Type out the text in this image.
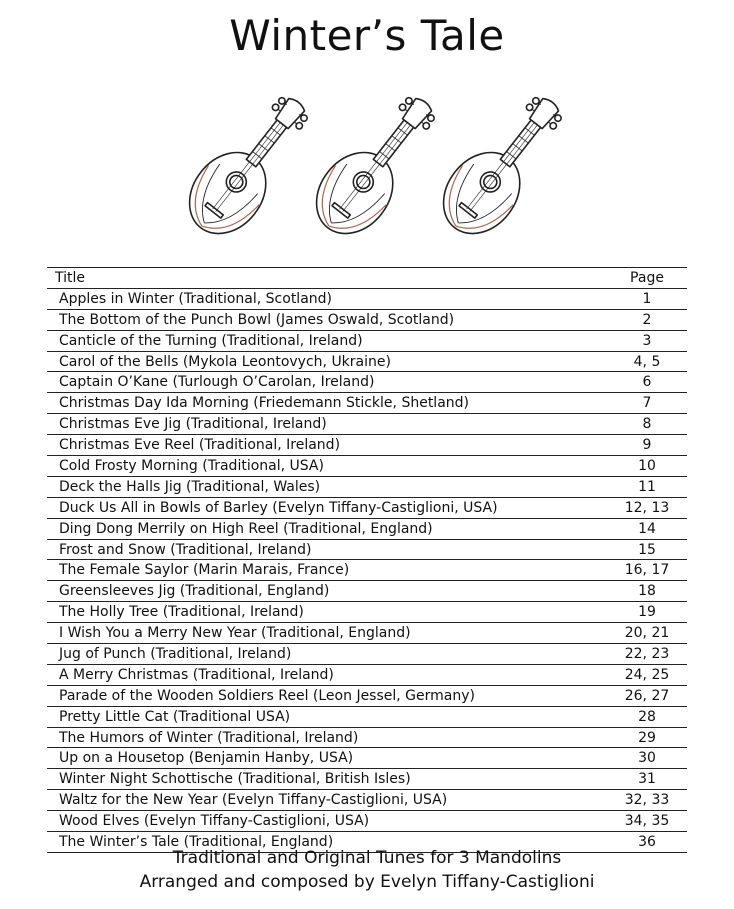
Winter’s Tale
Title	Page
Apples in Winter (Traditional, Scotland)	1
The Bottom of the Punch Bowl (James Oswald, Scotland)	2
Canticle of the Turning (Traditional, Ireland)	3
Carol of the Bells (Mykola Leontovych, Ukraine)	4, 5
Captain O’Kane (Turlough O’Carolan, Ireland)	6
Christmas Day Ida Morning (Friedemann Stickle, Shetland)	7
Christmas Eve Jig (Traditional, Ireland)	8
Christmas Eve Reel (Traditional, Ireland)	9
Cold Frosty Morning (Traditional, USA)	10
Deck the Halls Jig (Traditional, Wales)	11
Duck Us All in Bowls of Barley (Evelyn Tiffany-Castiglioni, USA)	12, 13
Ding Dong Merrily on High Reel (Traditional, England)	14
Frost and Snow (Traditional, Ireland)	15
The Female Saylor (Marin Marais, France)	16, 17
Greensleeves Jig (Traditional, England)	18
The Holly Tree (Traditional, Ireland)	19
I Wish You a Merry New Year (Traditional, England)	20, 21
Jug of Punch (Traditional, Ireland)	22, 23
A Merry Christmas (Traditional, Ireland)	24, 25
Parade of the Wooden Soldiers Reel (Leon Jessel, Germany)	26, 27
Pretty Little Cat (Traditional USA)	28
The Humors of Winter (Traditional, Ireland)	29
Up on a Housetop (Benjamin Hanby, USA)	30
Winter Night Schottische (Traditional, British Isles)	31
Waltz for the New Year (Evelyn Tiffany-Castiglioni, USA)	32, 33
Wood Elves (Evelyn Tiffany-Castiglioni, USA)	34, 35
The Winter’s Tale (Traditional, England)	36
Traditional and Original Tunes for 3 Mandolins
Arranged and composed by Evelyn Tiffany-Castiglioni
